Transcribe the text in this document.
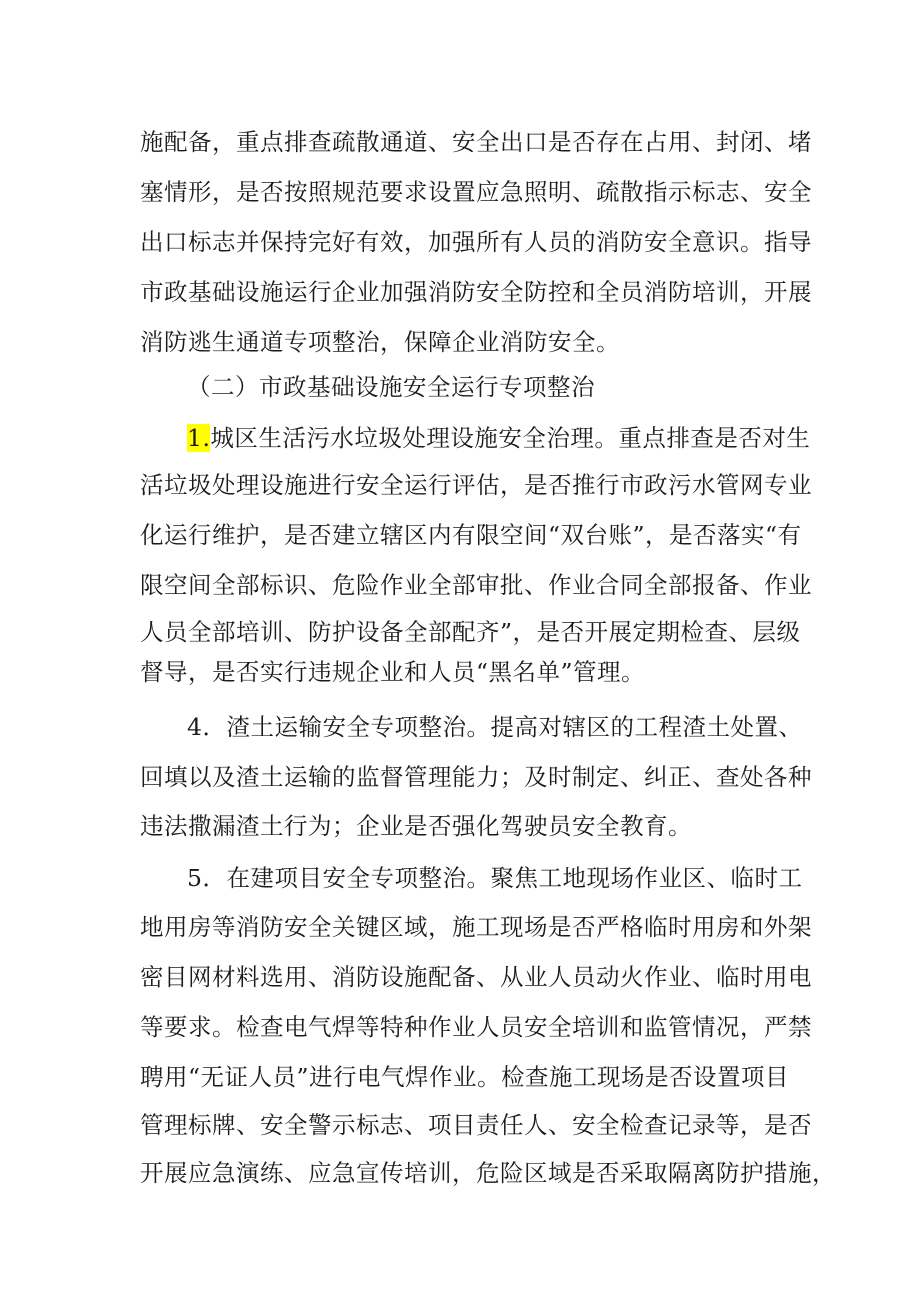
施配备，重点排查疏散通道、安全出口是否存在占用、封闭、堵
塞情形，是否按照规范要求设置应急照明、疏散指示标志、安全
出口标志并保持完好有效，加强所有人员的消防安全意识。指导
市政基础设施运行企业加强消防安全防控和全员消防培训，开展
消防逃生通道专项整治，保障企业消防安全。
（二）市政基础设施安全运行专项整治
1.城区生活污水垃圾处理设施安全治理。重点排查是否对生
活垃圾处理设施进行安全运行评估，是否推行市政污水管网专业
化运行维护，是否建立辖区内有限空间“双台账”，是否落实“有
限空间全部标识、危险作业全部审批、作业合同全部报备、作业
人员全部培训、防护设备全部配齐”，是否开展定期检查、层级
督导，是否实行违规企业和人员“黑名单”管理。
4．渣土运输安全专项整治。提高对辖区的工程渣土处置、
回填以及渣土运输的监督管理能力；及时制定、纠正、查处各种
违法撒漏渣土行为；企业是否强化驾驶员安全教育。
5．在建项目安全专项整治。聚焦工地现场作业区、临时工
地用房等消防安全关键区域，施工现场是否严格临时用房和外架
密目网材料选用、消防设施配备、从业人员动火作业、临时用电
等要求。检查电气焊等特种作业人员安全培训和监管情况，严禁
聘用“无证人员”进行电气焊作业。检查施工现场是否设置项目
管理标牌、安全警示标志、项目责任人、安全检查记录等，是否
开展应急演练、应急宣传培训，危险区域是否采取隔离防护措施，
